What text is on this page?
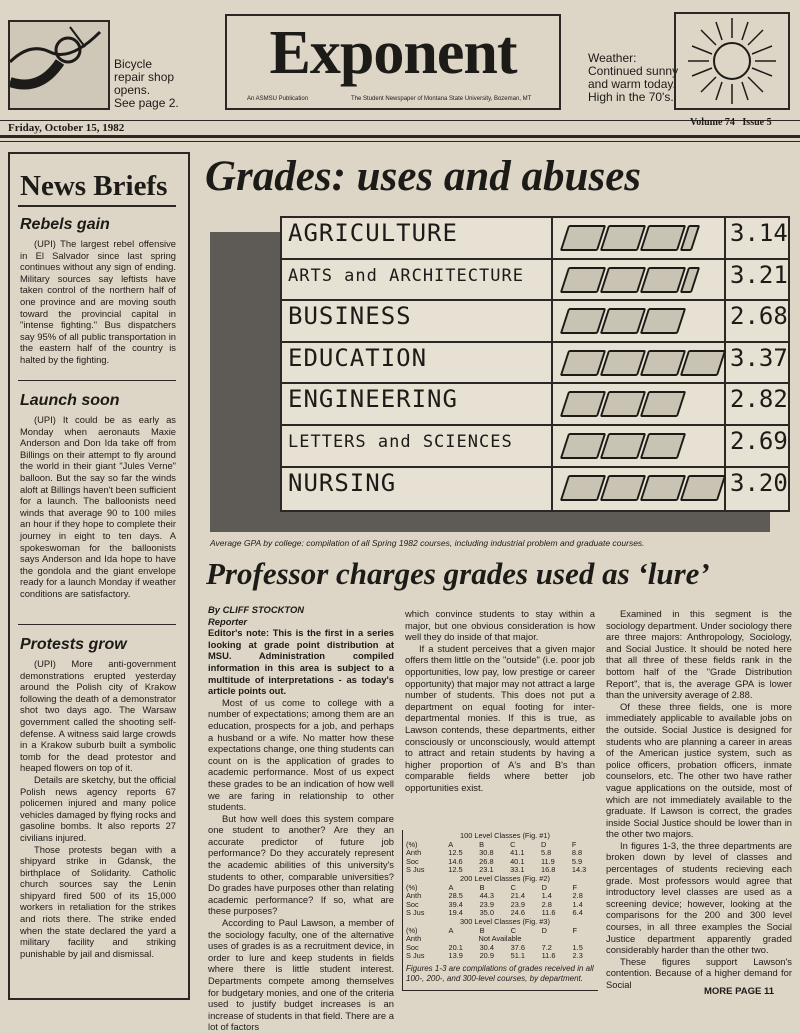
Bicycle
repair shop
opens.
See page 2.
Exponent
An ASMSU Publication	The Student Newspaper of Montana State University, Bozeman, MT
Weather:
Continued sunny
and warm today.
High in the 70's.
Friday, October 15, 1982	Volume 74   Issue 5
News Briefs
Rebels gain

(UPI) The largest rebel offensive in El Salvador since last spring continues without any sign of ending. Military sources say leftists have taken control of the northern half of one province and are moving south toward the provincial capital in "intense fighting." Bus dispatchers say 95% of all public transportation in the eastern half of the country is halted by the fighting.

Launch soon

(UPI) It could be as early as Monday when aeronauts Maxie Anderson and Don Ida take off from Billings on their attempt to fly around the world in their giant "Jules Verne" balloon. But the say so far the winds aloft at Billings haven't been sufficient for a launch. The balloonists need winds that average 90 to 100 miles an hour if they hope to complete their journey in eight to ten days. A spokeswoman for the balloonists says Anderson and Ida hope to have the gondola and the giant envelope ready for a launch Monday if weather conditions are satisfactory.

Protests grow

(UPI) More anti-government demonstrations erupted yesterday around the Polish city of Krakow following the death of a demonstrator shot two days ago. The Warsaw government called the shooting self-defense. A witness said large crowds in a Krakow suburb built a symbolic tomb for the dead protestor and heaped flowers on top of it.

Details are sketchy, but the official Polish news agency reports 67 policemen injured and many police vehicles damaged by flying rocks and gasoline bombs. It also reports 27 civilians injured.

Those protests began with a shipyard strike in Gdansk, the birthplace of Solidarity. Catholic church sources say the Lenin shipyard fired 500 of its 15,000 workers in retaliation for the strikes and riots there. The strike ended when the state declared the yard a military facility and striking punishable by jail and dismissal.

Grades: uses and abuses
AGRICULTURE	3.14
ARTS and ARCHITECTURE	3.21
BUSINESS	2.68
EDUCATION	3.37
ENGINEERING	2.82
LETTERS and SCIENCES	2.69
NURSING	3.20
Average GPA by college: compilation of all Spring 1982 courses, including industrial problem and graduate courses.
Professor charges grades used as ‘lure’
By CLIFF STOCKTON
Reporter

Editor's note: This is the first in a series looking at grade point distribution at MSU. Administration compiled information in this area is subject to a multitude of interpretations - as today's article points out.

Most of us come to college with a number of expectations; among them are an education, prospects for a job, and perhaps a husband or a wife. No matter how these expectations change, one thing students can count on is the application of grades to academic performance. Most of us expect these grades to be an indication of how well we are faring in relationship to other students.

But how well does this system compare one student to another? Are they an accurate predictor of future job performance? Do they accurately represent the academic abilities of this university's students to other, comparable universities? Do grades have purposes other than relating academic performance? If so, what are these purposes?

According to Paul Lawson, a member of the sociology faculty, one of the alternative uses of grades is as a recruitment device, in order to lure and keep students in fields where there is little student interest. Departments compete among themselves for budgetary monies, and one of the criteria used to justify budget increases is an increase of students in that field. There are a lot of factors

which convince students to stay within a major, but one obvious consideration is how well they do inside of that major.

If a student perceives that a given major offers them little on the "outside" (i.e. poor job opportunities, low pay, low prestige or career opportunity) that major may not attract a large number of students. This does not put a department on equal footing for inter-departmental monies. If this is true, as Lawson contends, these departments, either consciously or unconsciously, would attempt to attract and retain students by having a higher proportion of A's and B's than comparable fields where better job opportunities exist.

100 Level Classes (Fig. #1)
(%)	A	B	C	D	F
Anth	12.5	30.8	41.1	5.8	8.8
Soc	14.6	26.8	40.1	11.9	5.9
S Jus	12.5	23.1	33.1	16.8	14.3
200 Level Classes (Fig. #2)
(%)	A	B	C	D	F
Anth	28.5	44.3	21.4	1.4	2.8
Soc	39.4	23.9	23.9	2.8	1.4
S Jus	19.4	35.0	24.6	11.6	6.4
300 Level Classes (Fig. #3)
(%)	A	B	C	D	F
Anth	Not Available				
Soc	20.1	30.4	37.6	7.2	1.5
S Jus	13.9	20.9	51.1	11.6	2.3
Figures 1-3 are compilations of grades received in all 100-, 200-, and 300-level courses, by department.

Examined in this segment is the sociology department. Under sociology there are three majors: Anthropology, Sociology, and Social Justice. It should be noted here that all three of these fields rank in the bottom half of the "Grade Distribution Report", that is, the average GPA is lower than the university average of 2.88.

Of these three fields, one is more immediately applicable to available jobs on the outside. Social Justice is designed for students who are planning a career in areas of the American justice system, such as police officers, probation officers, inmate counselors, etc. The other two have rather vague applications on the outside, most of which are not immediately available to the graduate. If Lawson is correct, the grades inside Social Justice should be lower than in the other two majors.

In figures 1-3, the three departments are broken down by level of classes and percentages of students recieving each grade. Most professors would agree that introductory level classes are used as a screening device; however, looking at the comparisons for the 200 and 300 level courses, in all three examples the Social Justice department apparently graded considerably harder than the other two.

These figures support Lawson's contention. Because of a higher demand for Social

MORE PAGE 11
